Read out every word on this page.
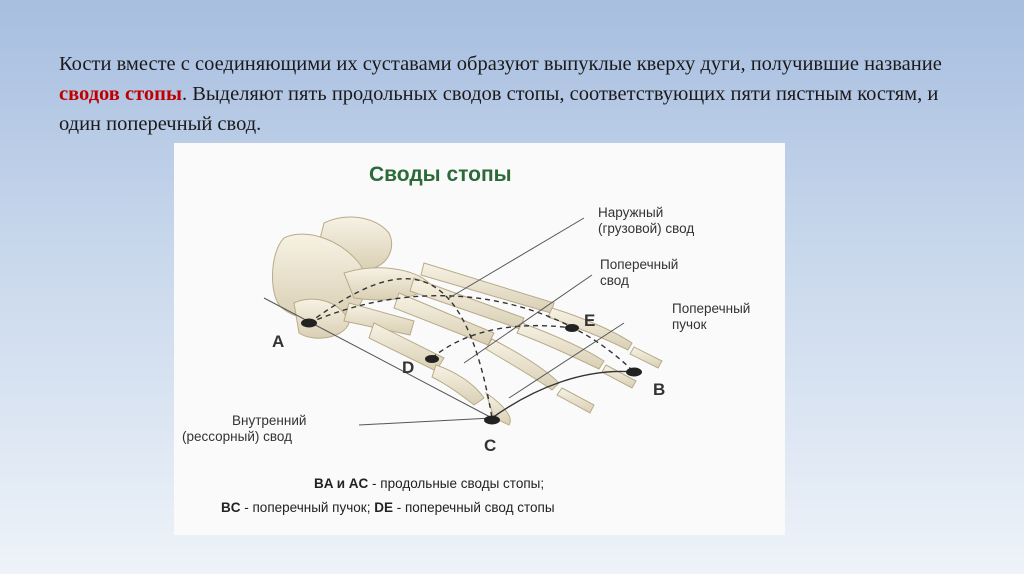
Кости вместе с соединяющими их суставами образуют выпуклые кверху дуги, получившие название сводов стопы. Выделяют пять продольных сводов стопы, соответствующих пяти пястным костям, и один поперечный свод.
Своды стопы
A
B
C
D
E
Наружный
(грузовой) свод
Поперечный
свод
Поперечный
пучок
Внутренний
(рессорный) свод
BA и AC - продольные своды стопы;
BC - поперечный пучок; DE - поперечный свод стопы
